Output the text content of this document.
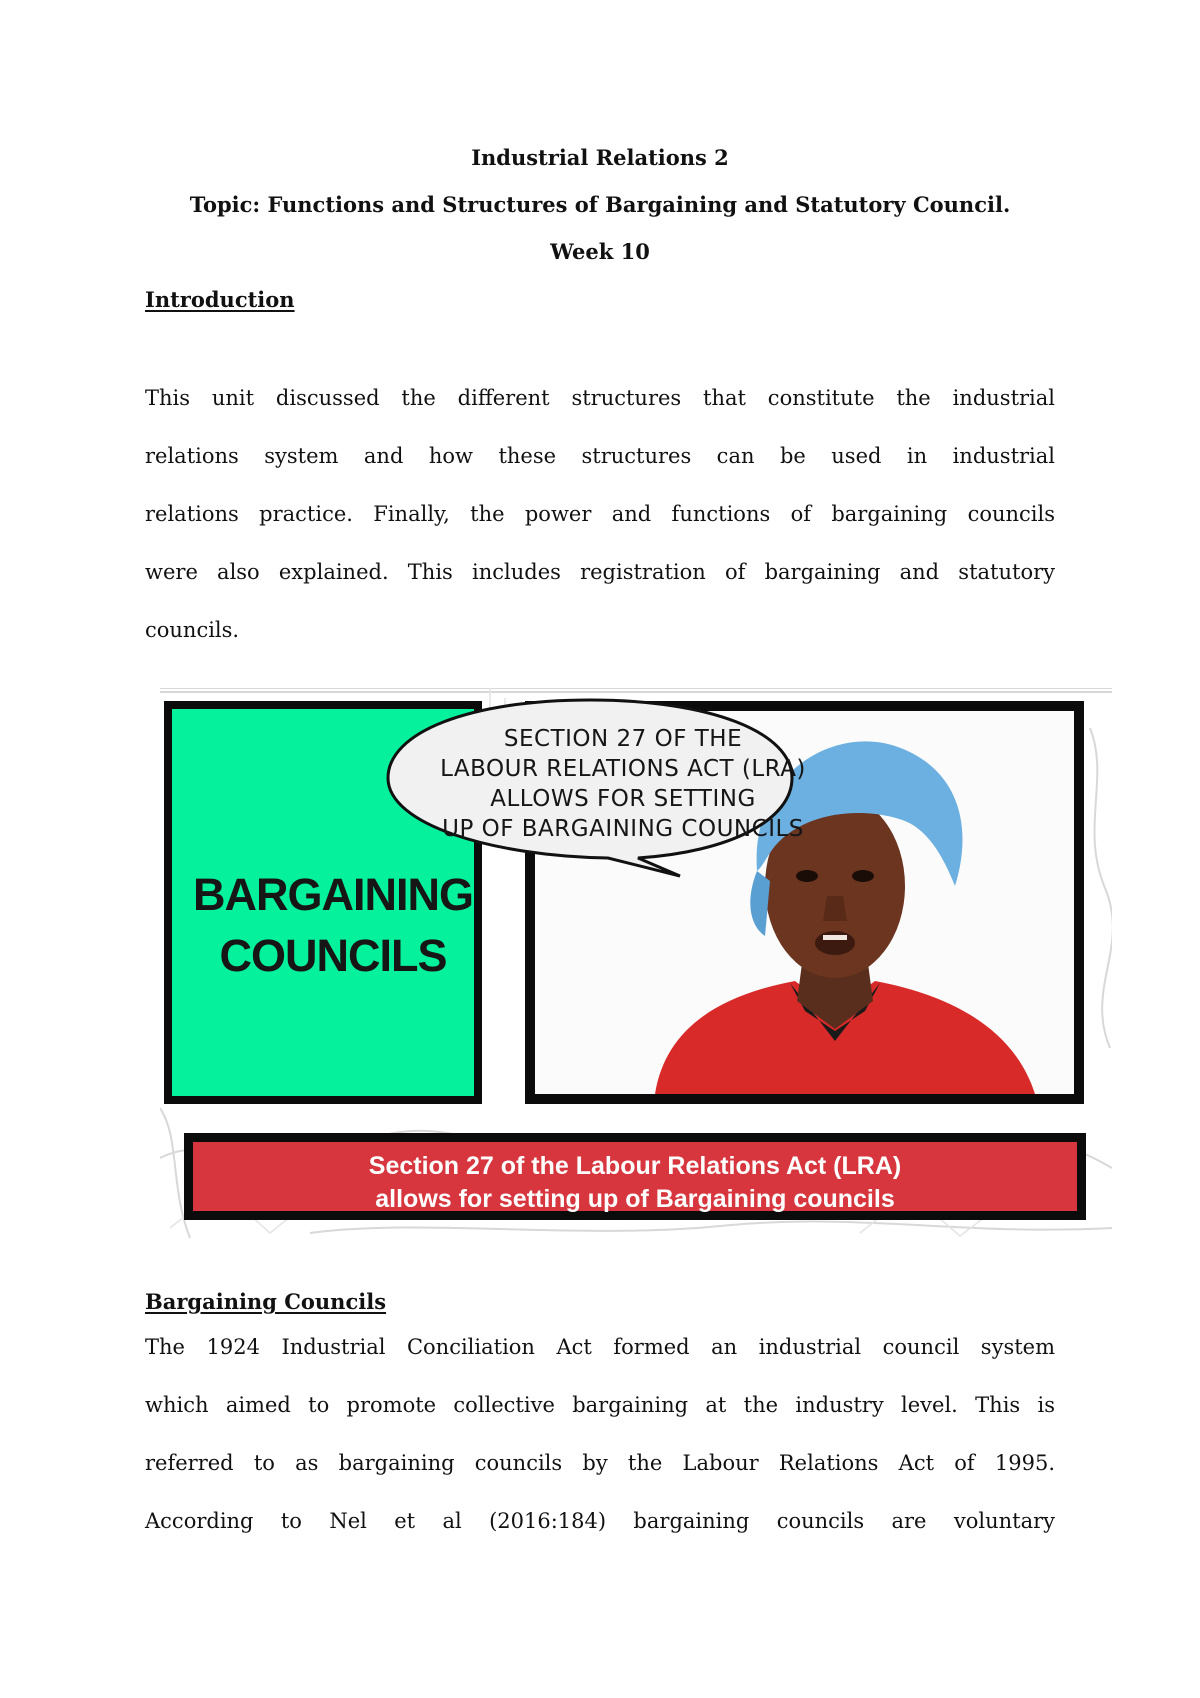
Industrial Relations 2
Topic: Functions and Structures of Bargaining and Statutory Council.
Week 10
Introduction
This unit discussed the different structures that constitute the industrial
relations system and how these structures can be used in industrial
relations practice. Finally, the power and functions of bargaining councils
were also explained. This includes registration of bargaining and statutory
councils.
BARGAINING
COUNCILS
SECTION 27 OF THE
LABOUR RELATIONS ACT (LRA)
ALLOWS FOR SETTING
UP OF BARGAINING COUNCILS
Section 27 of the Labour Relations Act (LRA)
allows for setting up of Bargaining councils
Bargaining Councils
The 1924 Industrial Conciliation Act formed an industrial council system
which aimed to promote collective bargaining at the industry level. This is
referred to as bargaining councils by the Labour Relations Act of 1995.
According to Nel et al (2016:184) bargaining councils are voluntary
